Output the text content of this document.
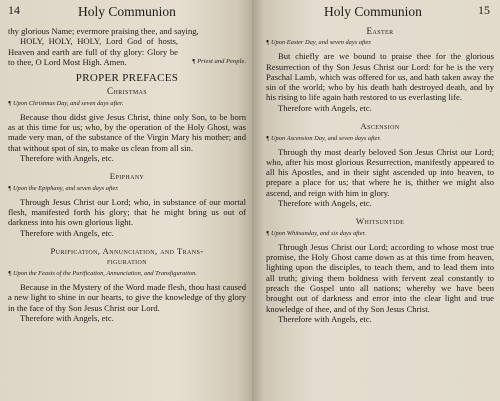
14	Holy Communion

thy glorious Name; evermore praising thee, and saying,

HOLY, HOLY, HOLY, Lord God of hosts, Heaven and earth are full of thy glory: Glory be to thee, O Lord Most High. Amen.	¶ Priest and People.
PROPER PREFACES
Christmas
¶ Upon Christmas Day, and seven days after.

Because thou didst give Jesus Christ, thine only Son, to be born as at this time for us; who, by the operation of the Holy Ghost, was made very man, of the substance of the Virgin Mary his mother; and that without spot of sin, to make us clean from all sin.

Therefore with Angels, etc.

Epiphany
¶ Upon the Epiphany, and seven days after.

Through Jesus Christ our Lord; who, in substance of our mortal flesh, manifested forth his glory; that he might bring us out of darkness into his own glorious light.

Therefore with Angels, etc.

Purification, Annunciation, and Trans-
figuration
¶ Upon the Feasts of the Purification, Annunciation, and Transfiguration.

Because in the Mystery of the Word made flesh, thou hast caused a new light to shine in our hearts, to give the knowledge of thy glory in the face of thy Son Jesus Christ our Lord.

Therefore with Angels, etc.

Holy Communion	15
Easter
¶ Upon Easter Day, and seven days after.

But chiefly are we bound to praise thee for the glorious Resurrection of thy Son Jesus Christ our Lord: for he is the very Paschal Lamb, which was offered for us, and hath taken away the sin of the world; who by his death hath destroyed death, and by his rising to life again hath restored to us everlasting life.

Therefore with Angels, etc.

Ascension
¶ Upon Ascension Day, and seven days after.

Through thy most dearly beloved Son Jesus Christ our Lord; who, after his most glorious Resurrection, manifestly appeared to all his Apostles, and in their sight ascended up into heaven, to prepare a place for us; that where he is, thither we might also ascend, and reign with him in glory.

Therefore with Angels, etc.

Whitsuntide
¶ Upon Whitsunday, and six days after.

Through Jesus Christ our Lord; according to whose most true promise, the Holy Ghost came down as at this time from heaven, lighting upon the disciples, to teach them, and to lead them into all truth; giving them boldness with fervent zeal constantly to preach the Gospel unto all nations; whereby we have been brought out of darkness and error into the clear light and true knowledge of thee, and of thy Son Jesus Christ.

Therefore with Angels, etc.
